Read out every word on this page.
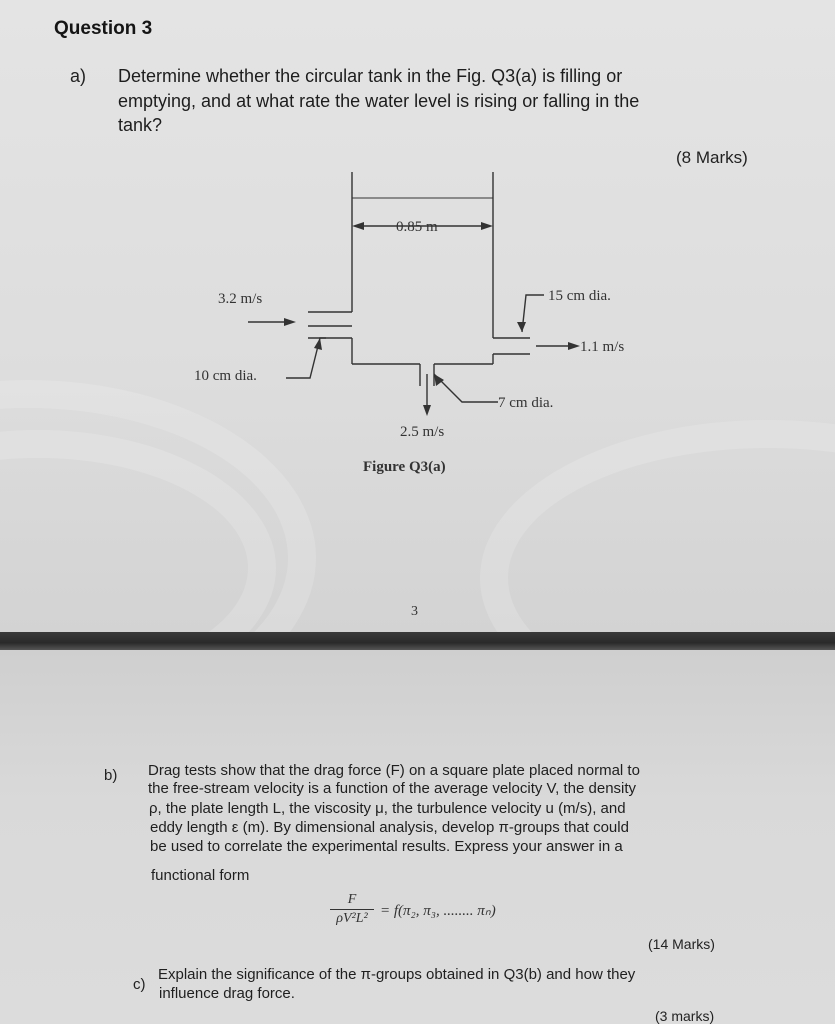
Question 3
a) Determine whether the circular tank in the Fig. Q3(a) is filling or
emptying, and at what rate the water level is rising or falling in the
tank?
(8 Marks)
0.85 m
3.2 m/s
10 cm dia.
15 cm dia.
1.1 m/s
7 cm dia.
2.5 m/s
Figure Q3(a)
3
b) Drag tests show that the drag force (F) on a square plate placed normal to
the free-stream velocity is a function of the average velocity V, the density
ρ, the plate length L, the viscosity μ, the turbulence velocity u (m/s), and
eddy length ε (m). By dimensional analysis, develop π-groups that could
be used to correlate the experimental results. Express your answer in a
functional form
F
ρV²L² = f(π₂, π₃, ........ πₙ)
(14 Marks)
c)
Explain the significance of the π-groups obtained in Q3(b) and how they
influence drag force.
(3 marks)
